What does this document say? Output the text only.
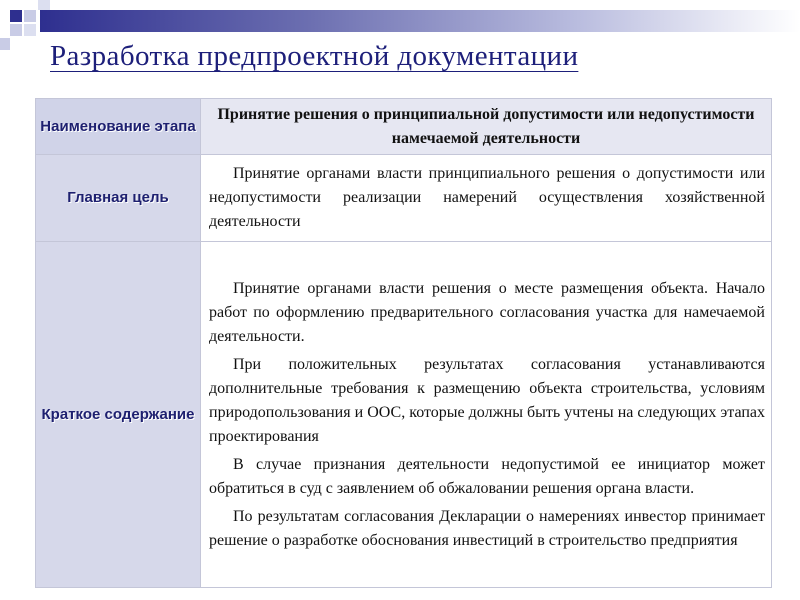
Разработка предпроектной документации
Наименование этапа	Принятие решения о принципиальной допустимости или недопустимости намечаемой деятельности

Главная цель	Принятие органами власти принципиального решения о допустимости или недопустимости реализации намерений осуществления хозяйственной деятельности

Краткое содержание	Принятие органами власти решения о месте размещения объекта. Начало работ по оформлению предварительного согласования участка для намечаемой деятельности.

При положительных результатах согласования устанавливаются дополнительные требования к размещению объекта строительства, условиям природопользования и ООС, которые должны быть учтены на следующих этапах проектирования

В случае признания деятельности недопустимой ее инициатор может обратиться в суд с заявлением об обжаловании решения органа власти.

По результатам согласования Декларации о намерениях инвестор принимает решение о разработке обоснования инвестиций в строительство предприятия
